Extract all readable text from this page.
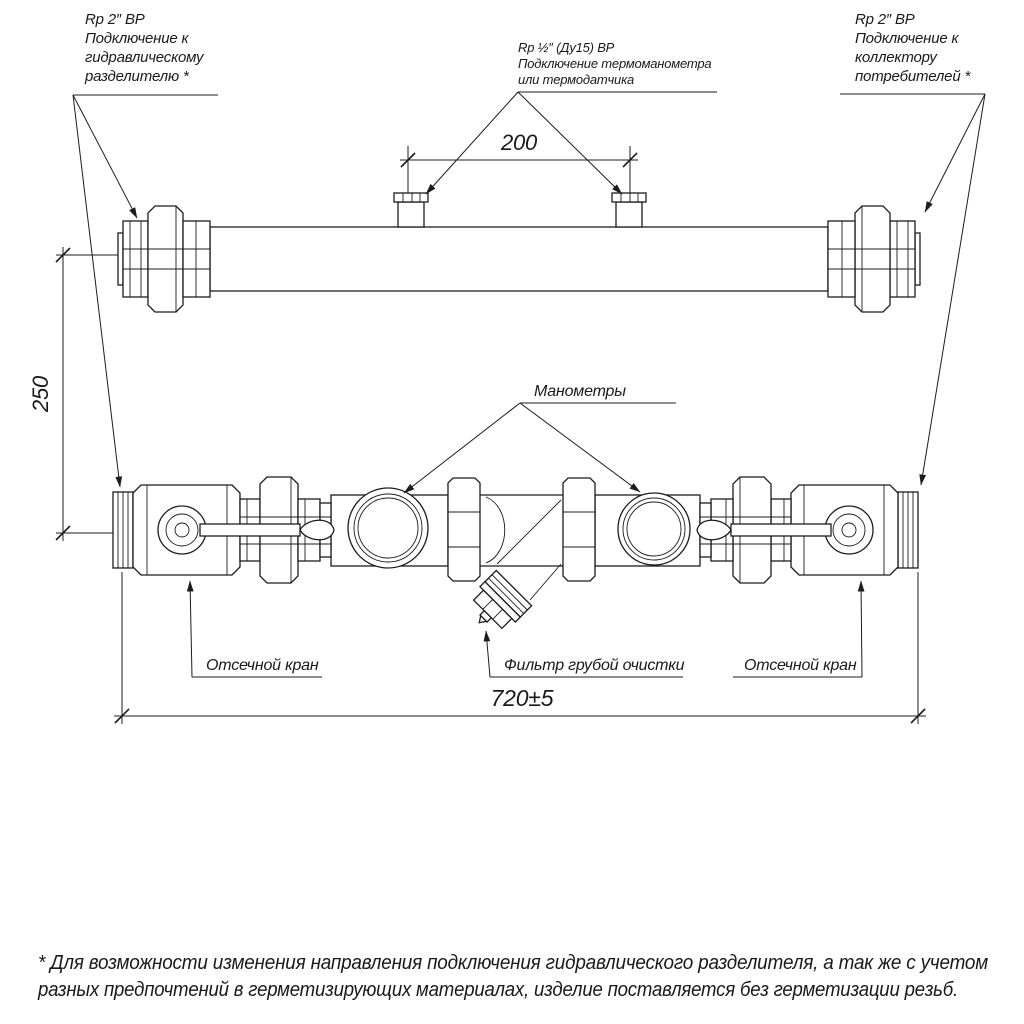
250
200
720±5
Rp 2″ ВР
Подключение к
гидравлическому
разделителю *
Rp ½″ (Ду15) ВР
Подключение термоманометра
или термодатчика
Rp 2″ ВР
Подключение к
коллектору
потребителей *
Манометры
Отсечной кран	Фильтр грубой очистки	Отсечной кран
* Для возможности изменения направления подключения гидравлического разделителя, а так же с учетом
разных предпочтений в герметизирующих материалах, изделие поставляется без герметизации резьб.
